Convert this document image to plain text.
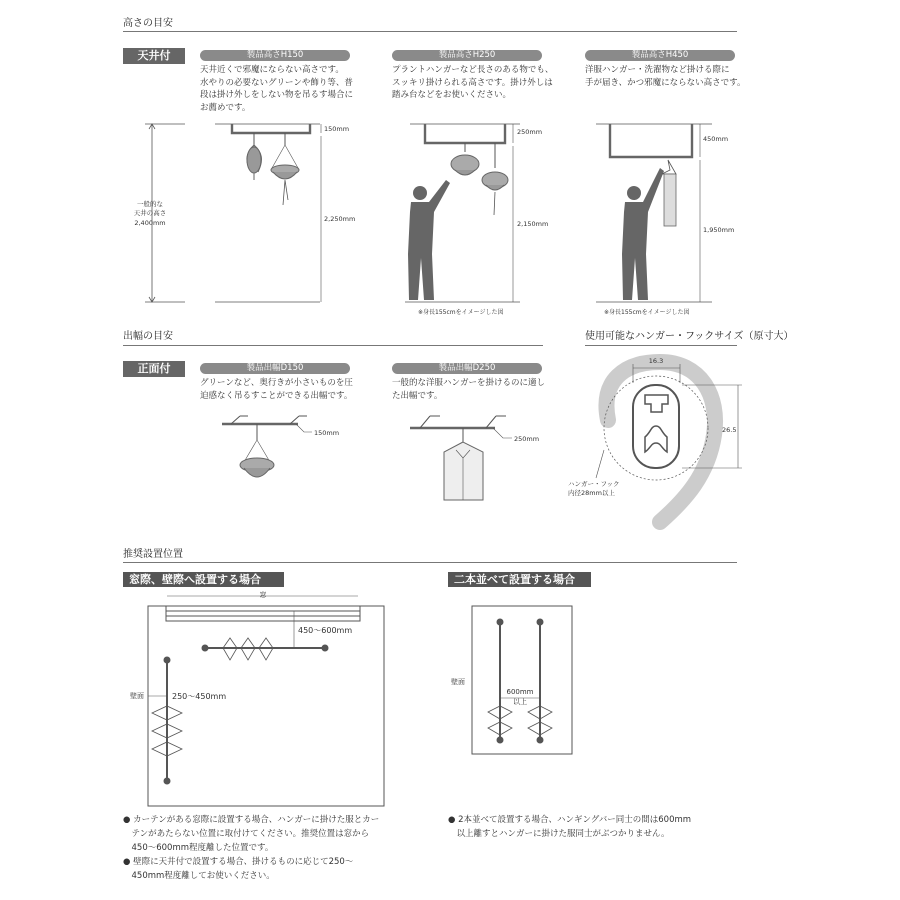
高さの目安
天井付	製品高さH150	製品高さH250	製品高さH450
天井近くで邪魔にならない高さです。
水やりの必要ないグリーンや飾り等、普
段は掛け外しをしない物を吊るす場合に
お薦めです。
プラントハンガーなど長さのある物でも、
スッキリ掛けられる高さです。掛け外しは
踏み台などをお使いください。
洋服ハンガー・洗濯物など掛ける際に
手が届き、かつ邪魔にならない高さです。
一般的な
天井の高さ
2,400mm
150mm
2,250mm
250mm
2,150mm
※身長155cmをイメージした図
450mm
1,950mm
※身長155cmをイメージした図
出幅の目安
正面付	製品出幅D150	製品出幅D250
グリーンなど、奥行きが小さいものを圧
迫感なく吊るすことができる出幅です。
一般的な洋服ハンガーを掛けるのに適し
た出幅です。
150mm
250mm
使用可能なハンガー・フックサイズ（原寸大）
16.3
26.5
ハンガー・フック
内径28mm以上
推奨設置位置
窓際、壁際へ設置する場合	二本並べて設置する場合
窓
450〜600mm
壁面	250〜450mm
壁面
600mm
以上
● カーテンがある窓際に設置する場合、ハンガーに掛けた服とカー
　テンがあたらない位置に取付けてください。推奨位置は窓から
　450〜600mm程度離した位置です。
● 壁際に天井付で設置する場合、掛けるものに応じて250〜
　450mm程度離してお使いください。
● 2本並べて設置する場合、ハンギングバー同士の間は600mm
　以上離すとハンガーに掛けた服同士がぶつかりません。
